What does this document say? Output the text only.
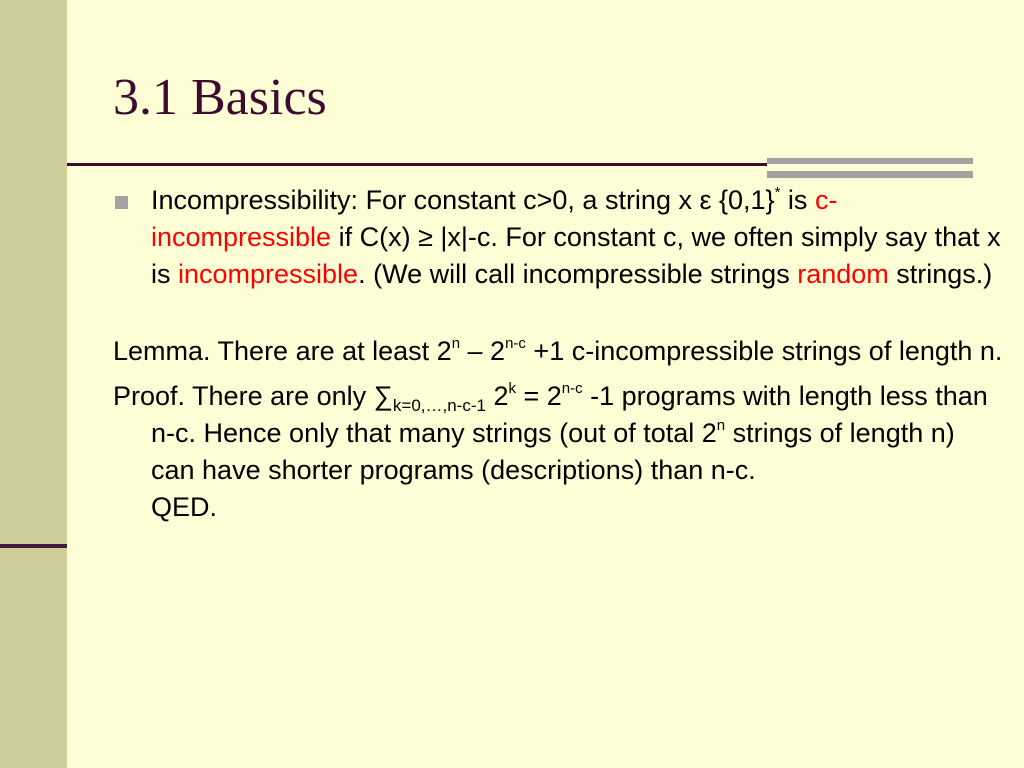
3.1 Basics

Incompressibility: For constant c>0, a string x ε {0,1}* is c-incompressible if C(x) ≥ |x|-c. For constant c, we often simply say that x is incompressible. (We will call incompressible strings random strings.)

Lemma. There are at least $2^n - 2^{n-c} +1$ c-incompressible strings of length n.

Proof. There are only $\sum_{k=0,\dots,n-c-1}$ $2^k = 2^{n-c}$ -1 programs with length less than n-c. Hence only that many strings (out of total 2$^n$ strings of length n) can have shorter programs (descriptions) than n-c.
QED.
